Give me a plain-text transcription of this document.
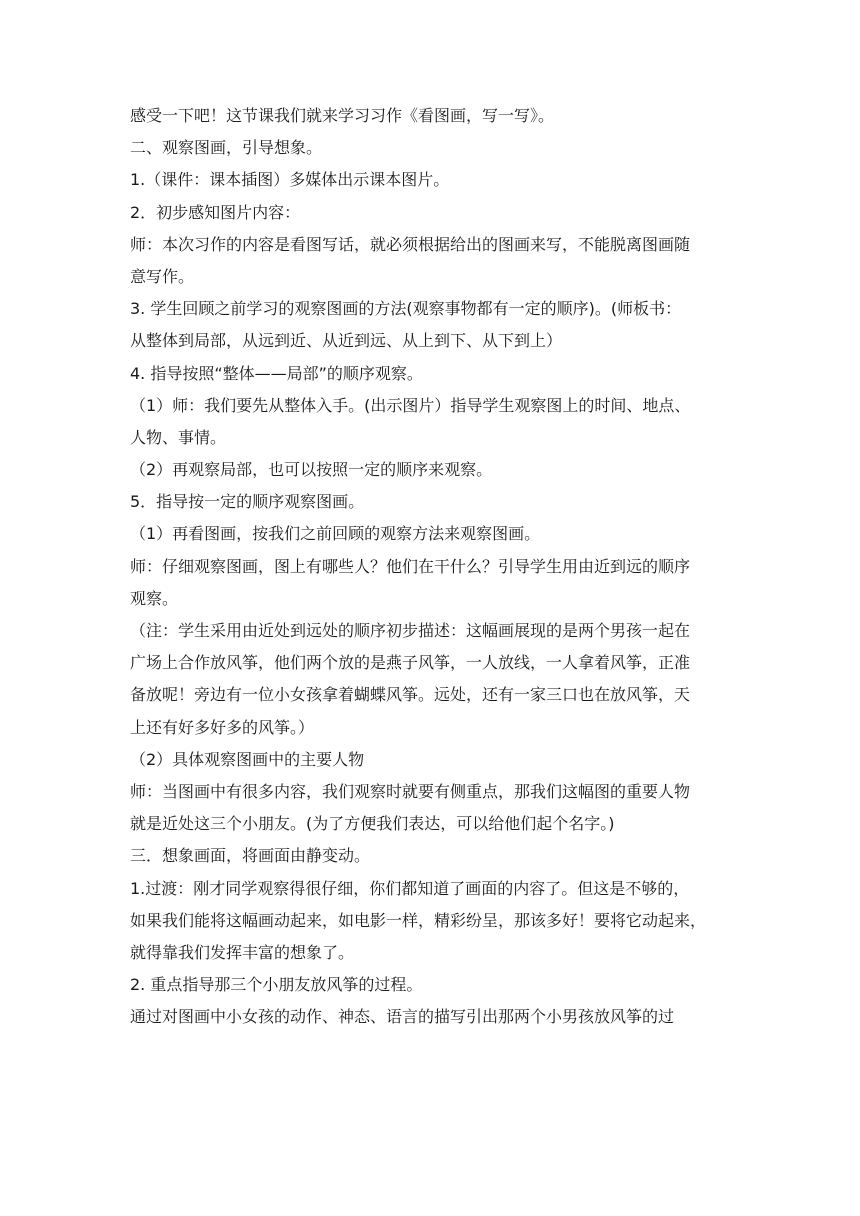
感受一下吧！这节课我们就来学习习作《看图画，写一写》。
二、观察图画，引导想象。
1.（课件：课本插图）多媒体出示课本图片。
2．初步感知图片内容：
师：本次习作的内容是看图写话，就必须根据给出的图画来写，不能脱离图画随
意写作。
3. 学生回顾之前学习的观察图画的方法(观察事物都有一定的顺序)。(师板书：
从整体到局部，从远到近、从近到远、从上到下、从下到上）
4. 指导按照“整体——局部”的顺序观察。
（1）师：我们要先从整体入手。(出示图片）指导学生观察图上的时间、地点、
人物、事情。
（2）再观察局部，也可以按照一定的顺序来观察。
5．指导按一定的顺序观察图画。
（1）再看图画，按我们之前回顾的观察方法来观察图画。
师：仔细观察图画，图上有哪些人？他们在干什么？引导学生用由近到远的顺序
观察。
（注：学生采用由近处到远处的顺序初步描述：这幅画展现的是两个男孩一起在
广场上合作放风筝，他们两个放的是燕子风筝，一人放线，一人拿着风筝，正准
备放呢！旁边有一位小女孩拿着蝴蝶风筝。远处，还有一家三口也在放风筝，天
上还有好多好多的风筝。）
（2）具体观察图画中的主要人物
师：当图画中有很多内容，我们观察时就要有侧重点，那我们这幅图的重要人物
就是近处这三个小朋友。(为了方便我们表达，可以给他们起个名字。)
三．想象画面，将画面由静变动。
1.过渡：刚才同学观察得很仔细，你们都知道了画面的内容了。但这是不够的，
如果我们能将这幅画动起来，如电影一样，精彩纷呈，那该多好！要将它动起来，
就得靠我们发挥丰富的想象了。
2. 重点指导那三个小朋友放风筝的过程。
通过对图画中小女孩的动作、神态、语言的描写引出那两个小男孩放风筝的过
